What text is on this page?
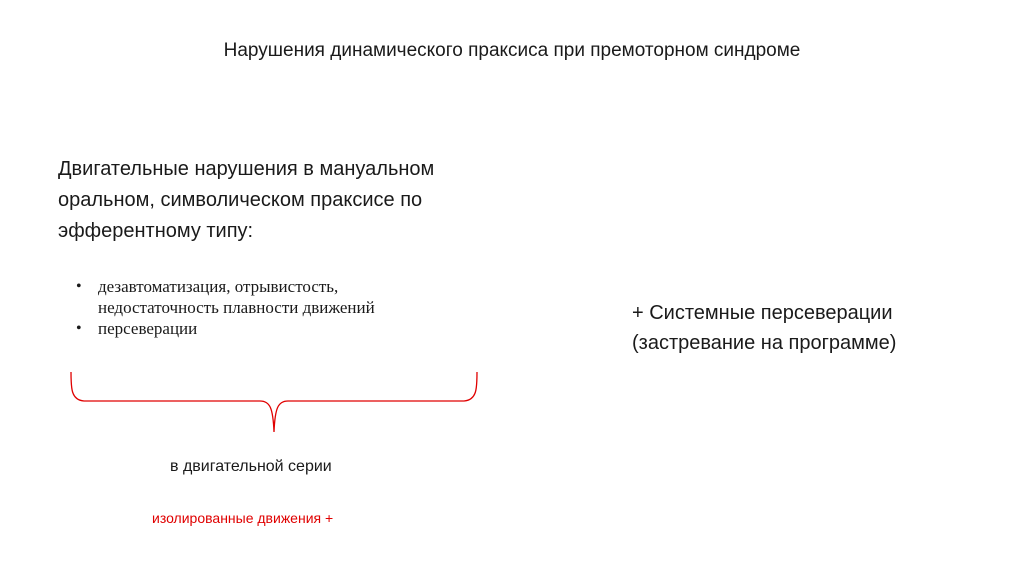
Нарушения динамического праксиса при премоторном синдроме
Двигательные нарушения в мануальном
оральном, символическом праксисе по
эфферентному типу:
• дезавтоматизация, отрывистость,
недостаточность плавности движений
• персеверации
в двигательной серии
изолированные движения +
+ Системные персеверации
(застревание на программе)
